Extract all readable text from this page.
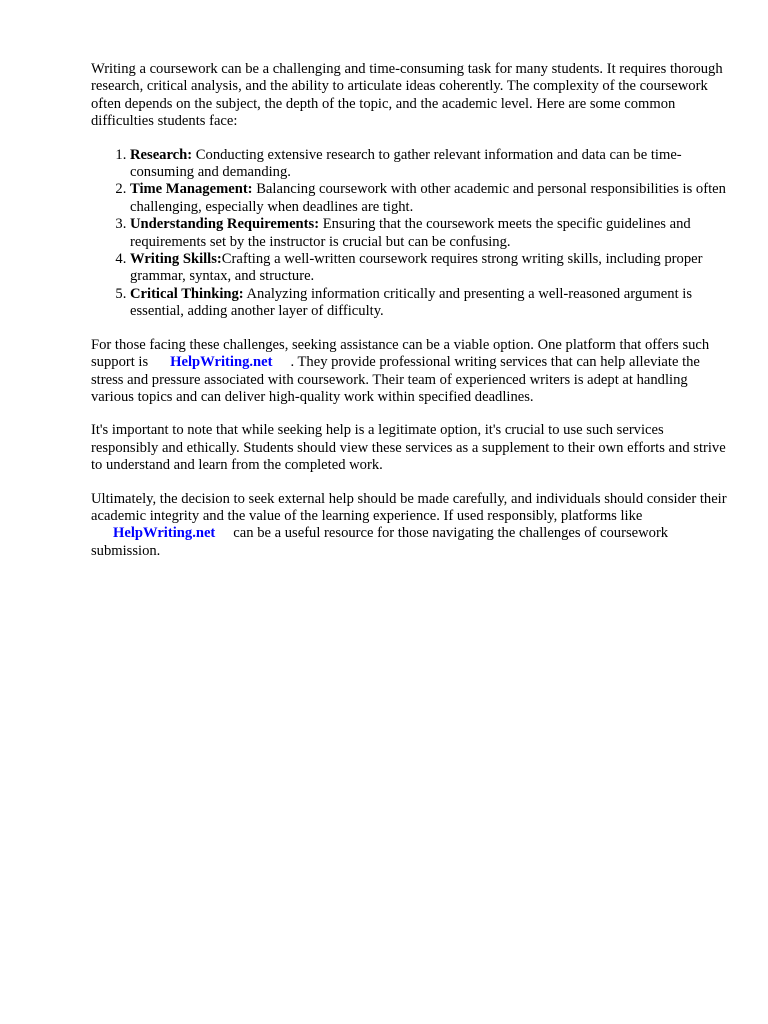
Writing a coursework can be a challenging and time-consuming task for many students. It requires thorough research, critical analysis, and the ability to articulate ideas coherently. The complexity of the coursework often depends on the subject, the depth of the topic, and the academic level. Here are some common difficulties students face:

1. Research: Conducting extensive research to gather relevant information and data can be time-consuming and demanding.
2. Time Management: Balancing coursework with other academic and personal responsibilities is often challenging, especially when deadlines are tight.
3. Understanding Requirements: Ensuring that the coursework meets the specific guidelines and requirements set by the instructor is crucial but can be confusing.
4. Writing Skills:Crafting a well-written coursework requires strong writing skills, including proper grammar, syntax, and structure.
5. Critical Thinking: Analyzing information critically and presenting a well-reasoned argument is essential, adding another layer of difficulty.

For those facing these challenges, seeking assistance can be a viable option. One platform that offers such support is HelpWriting.net . They provide professional writing services that can help alleviate the stress and pressure associated with coursework. Their team of experienced writers is adept at handling various topics and can deliver high-quality work within specified deadlines.

It's important to note that while seeking help is a legitimate option, it's crucial to use such services responsibly and ethically. Students should view these services as a supplement to their own efforts and strive to understand and learn from the completed work.

Ultimately, the decision to seek external help should be made carefully, and individuals should consider their academic integrity and the value of the learning experience. If used responsibly, platforms likeHelpWriting.net can be a useful resource for those navigating the challenges of coursework submission.
